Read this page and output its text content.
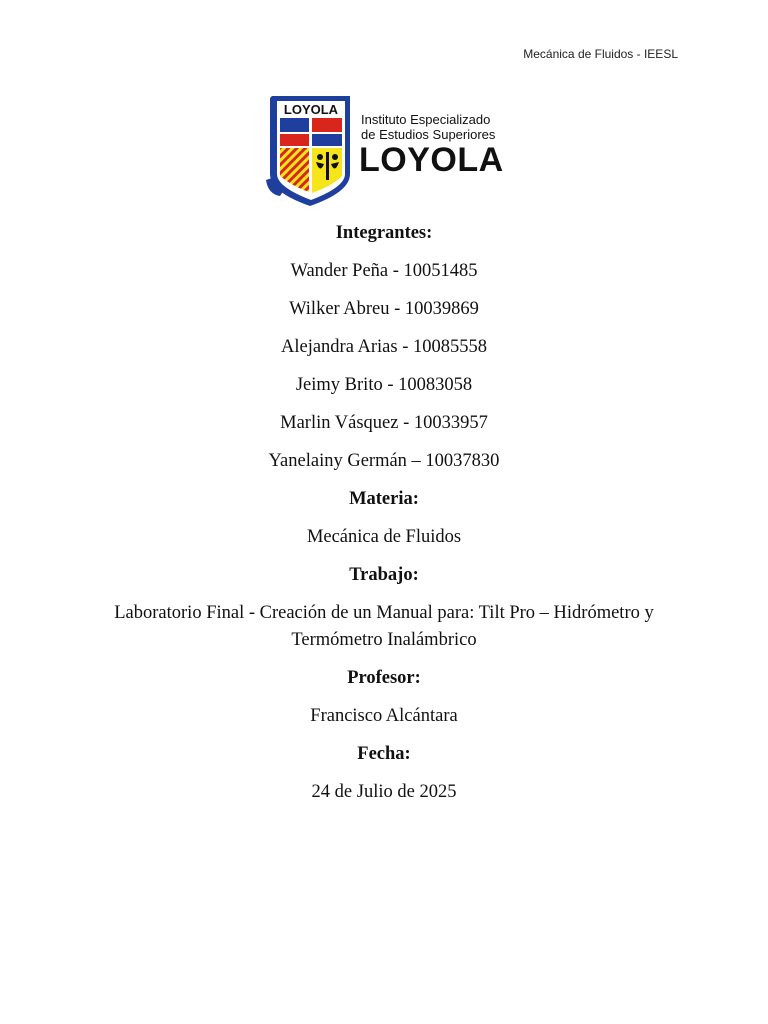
Mecánica de Fluidos - IEESL
LOYOLA
Instituto Especializado
de Estudios Superiores
LOYOLA

Integrantes:

Wander Peña - 10051485

Wilker Abreu - 10039869

Alejandra Arias - 10085558

Jeimy Brito - 10083058

Marlin Vásquez - 10033957

Yanelainy Germán – 10037830

Materia:

Mecánica de Fluidos

Trabajo:

Laboratorio Final - Creación de un Manual para: Tilt Pro – Hidrómetro y Termómetro Inalámbrico

Profesor:

Francisco Alcántara

Fecha:

24 de Julio de 2025
